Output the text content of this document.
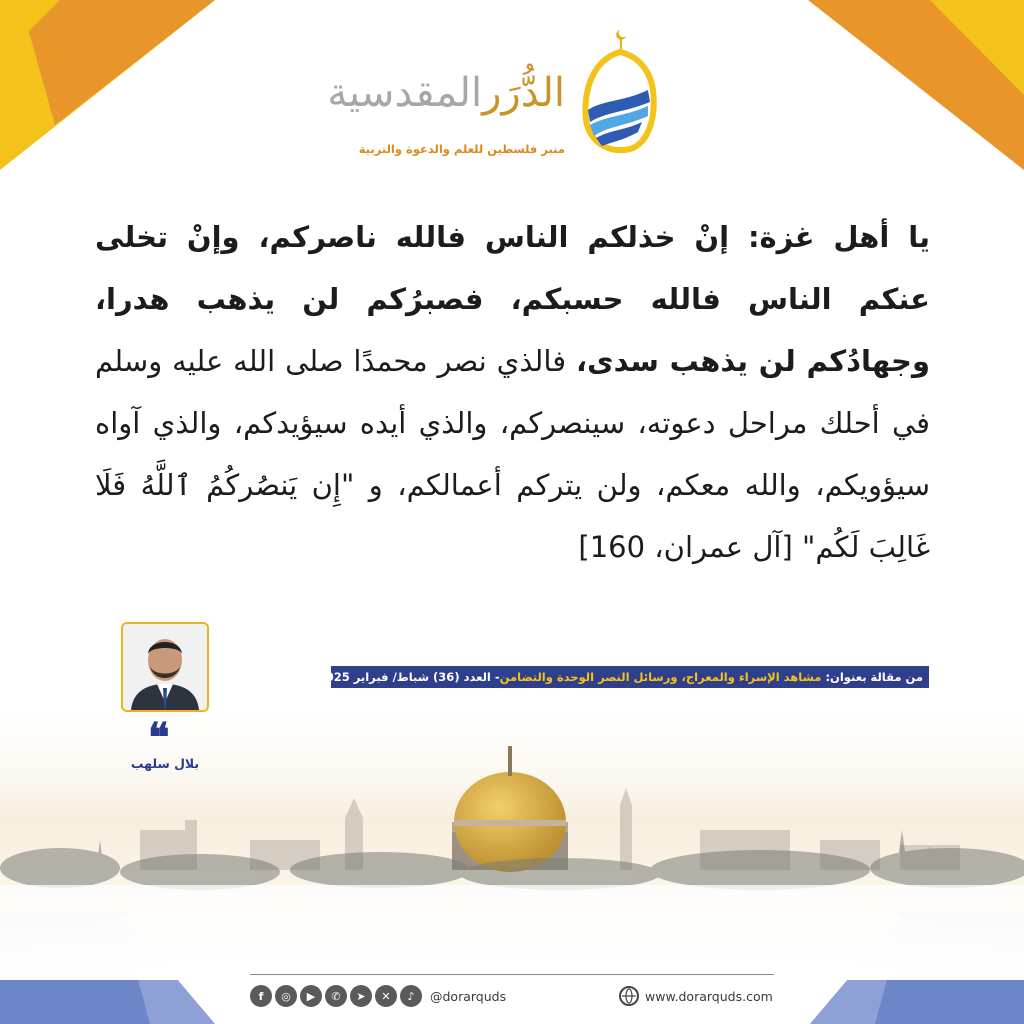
الدُّرَرالمقدسية
منبر فلسطين للعلم والدعوة والتربية
يا أهل غزة: إنْ خذلكم الناس فالله ناصركم، وإنْ تخلى عنكم الناس فالله حسبكم، فصبرُكم لن يذهب هدرا، وجهادُكم لن يذهب سدى، فالذي نصر محمدًا صلى الله عليه وسلم في أحلك مراحل دعوته، سينصركم، والذي أيده سيؤيدكم، والذي آواه سيؤويكم، والله معكم، ولن يتركم أعمالكم، و "إِن يَنصُركُمُ ٱللَّهُ فَلَا غَالِبَ لَكُم" [آل عمران، 160]
من مقالة بعنوان:

مشاهد الإسراء والمعراج، ورسائل النصر الوحدة والتضامن
- العدد (36) شباط/ فبراير 2025م
❝
بلال سلهب
f	◎	▶	✆	➤	✕	♪	@dorarquds	www.dorarquds.com
